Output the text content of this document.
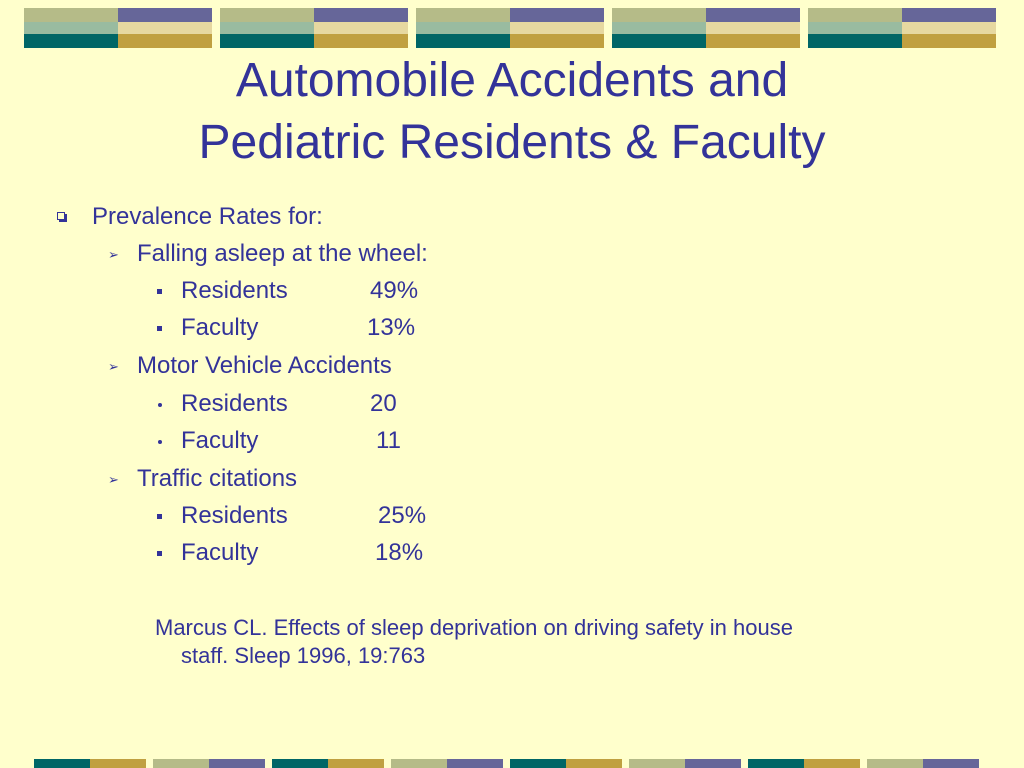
Automobile Accidents and
Pediatric Residents & Faculty
Prevalence Rates for:
➢ Falling asleep at the wheel:
Residents	49%
Faculty	13%
➢ Motor Vehicle Accidents
Residents	20
Faculty	11
➢ Traffic citations
Residents	25%
Faculty	18%
Marcus CL. Effects of sleep deprivation on driving safety in house
staff. Sleep 1996, 19:763
